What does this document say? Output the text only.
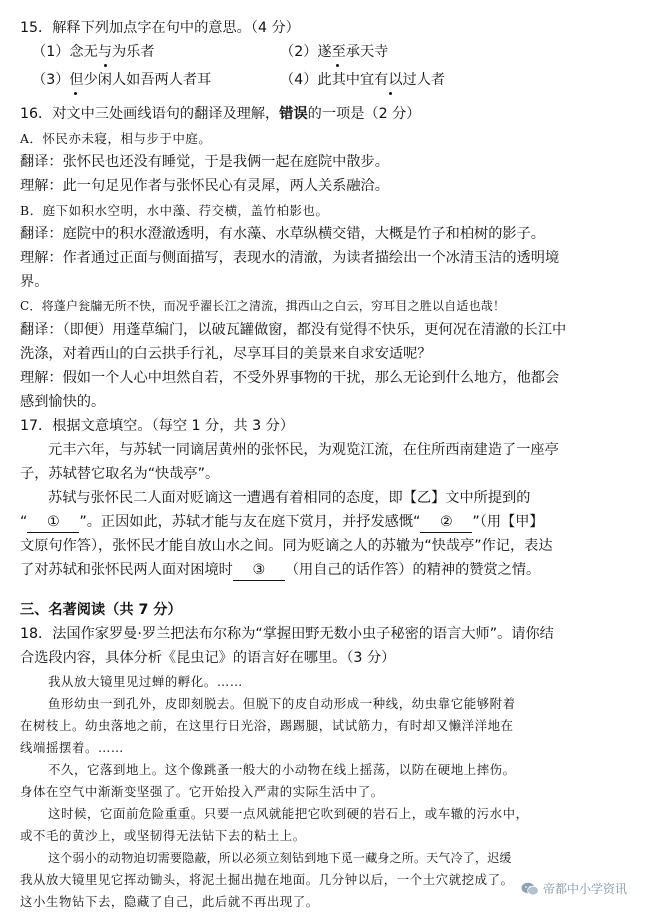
15．解释下列加点字在句中的意思。（4 分）
（1）念无与为乐者	（2）遂至承天寺
（3）但少闲人如吾两人者耳	（4）此其中宜有以过人者
16．对文中三处画线语句的翻译及理解，错误的一项是（2 分）
A．怀民亦未寝，相与步于中庭。
翻译：张怀民也还没有睡觉，于是我俩一起在庭院中散步。
理解：此一句足见作者与张怀民心有灵犀，两人关系融洽。
B．庭下如积水空明，水中藻、荇交横，盖竹柏影也。
翻译：庭院中的积水澄澈透明，有水藻、水草纵横交错，大概是竹子和柏树的影子。
理解：作者通过正面与侧面描写，表现水的清澈，为读者描绘出一个冰清玉洁的透明境
界。
C．将蓬户瓮牖无所不快，而况乎濯长江之清流，揖西山之白云，穷耳目之胜以自适也哉！
翻译：（即便）用蓬草编门，以破瓦罐做窗，都没有觉得不快乐，更何况在清澈的长江中
洗涤，对着西山的白云拱手行礼，尽享耳目的美景来自求安适呢？
理解：假如一个人心中坦然自若，不受外界事物的干扰，那么无论到什么地方，他都会
感到愉快的。
17．根据文意填空。（每空 1 分，共 3 分）
元丰六年，与苏轼一同谪居黄州的张怀民，为观览江流，在住所西南建造了一座亭
子，苏轼替它取名为“快哉亭”。
苏轼与张怀民二人面对贬谪这一遭遇有着相同的态度，即【乙】文中所提到的
“ ① ”。正因如此，苏轼才能与友在庭下赏月，并抒发感慨“ ② ”（用【甲】
文原句作答），张怀民才能自放山水之间。同为贬谪之人的苏辙为“快哉亭”作记，表达
了对苏轼和张怀民两人面对困境时 ③ （用自己的话作答）的精神的赞赏之情。
三、名著阅读（共 7 分）
18．法国作家罗曼·罗兰把法布尔称为“掌握田野无数小虫子秘密的语言大师”。请你结
合选段内容，具体分析《昆虫记》的语言好在哪里。（3 分）
我从放大镜里见过蝉的孵化。……
鱼形幼虫一到孔外，皮即刻脱去。但脱下的皮自动形成一种线，幼虫靠它能够附着
在树枝上。幼虫落地之前，在这里行日光浴，踢踢腿，试试筋力，有时却又懒洋洋地在
线端摇摆着。……
不久，它落到地上。这个像跳蚤一般大的小动物在线上摇荡，以防在硬地上摔伤。
身体在空气中渐渐变坚强了。它开始投入严肃的实际生活中了。
这时候，它面前危险重重。只要一点风就能把它吹到硬的岩石上，或车辙的污水中，
或不毛的黄沙上，或坚韧得无法钻下去的粘土上。
这个弱小的动物迫切需要隐蔽，所以必须立刻钻到地下觅一藏身之所。天气冷了，迟缓
我从放大镜里见它挥动锄头，将泥土掘出抛在地面。几分钟以后，一个土穴就挖成了。
这小生物钻下去，隐藏了自己，此后就不再出现了。
帝都中小学资讯
